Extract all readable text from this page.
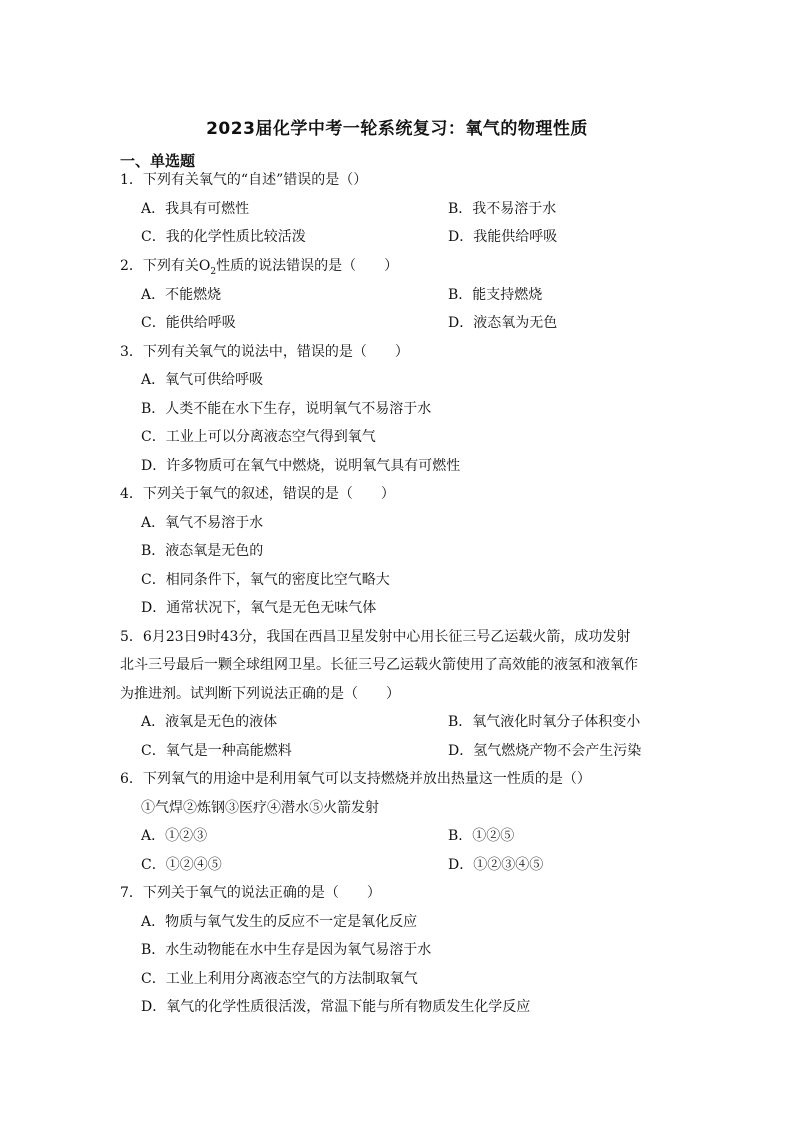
2023届化学中考一轮系统复习：氧气的物理性质
一、单选题
1．下列有关氧气的“自述”错误的是（）
A．我具有可燃性	B．我不易溶于水
C．我的化学性质比较活泼	D．我能供给呼吸
2．下列有关$O_2$性质的说法错误的是（　　）
A．不能燃烧	B．能支持燃烧
C．能供给呼吸	D．液态氧为无色
3．下列有关氧气的说法中，错误的是（　　）
A．氧气可供给呼吸
B．人类不能在水下生存，说明氧气不易溶于水
C．工业上可以分离液态空气得到氧气
D．许多物质可在氧气中燃烧，说明氧气具有可燃性
4．下列关于氧气的叙述，错误的是（　　）
A．氧气不易溶于水
B．液态氧是无色的
C．相同条件下，氧气的密度比空气略大
D．通常状况下，氧气是无色无味气体
5．6月23日9时43分，我国在西昌卫星发射中心用长征三号乙运载火箭，成功发射
北斗三号最后一颗全球组网卫星。长征三号乙运载火箭使用了高效能的液氢和液氧作
为推进剂。试判断下列说法正确的是（　　）
A．液氧是无色的液体	B．氧气液化时氧分子体积变小
C．氧气是一种高能燃料	D．氢气燃烧产物不会产生污染
6．下列氧气的用途中是利用氧气可以支持燃烧并放出热量这一性质的是（）
①气焊②炼钢③医疗④潜水⑤火箭发射
A．①②③	B．①②⑤
C．①②④⑤	D．①②③④⑤
7．下列关于氧气的说法正确的是（　　）
A．物质与氧气发生的反应不一定是氧化反应
B．水生动物能在水中生存是因为氧气易溶于水
C．工业上利用分离液态空气的方法制取氧气
D．氧气的化学性质很活泼，常温下能与所有物质发生化学反应
